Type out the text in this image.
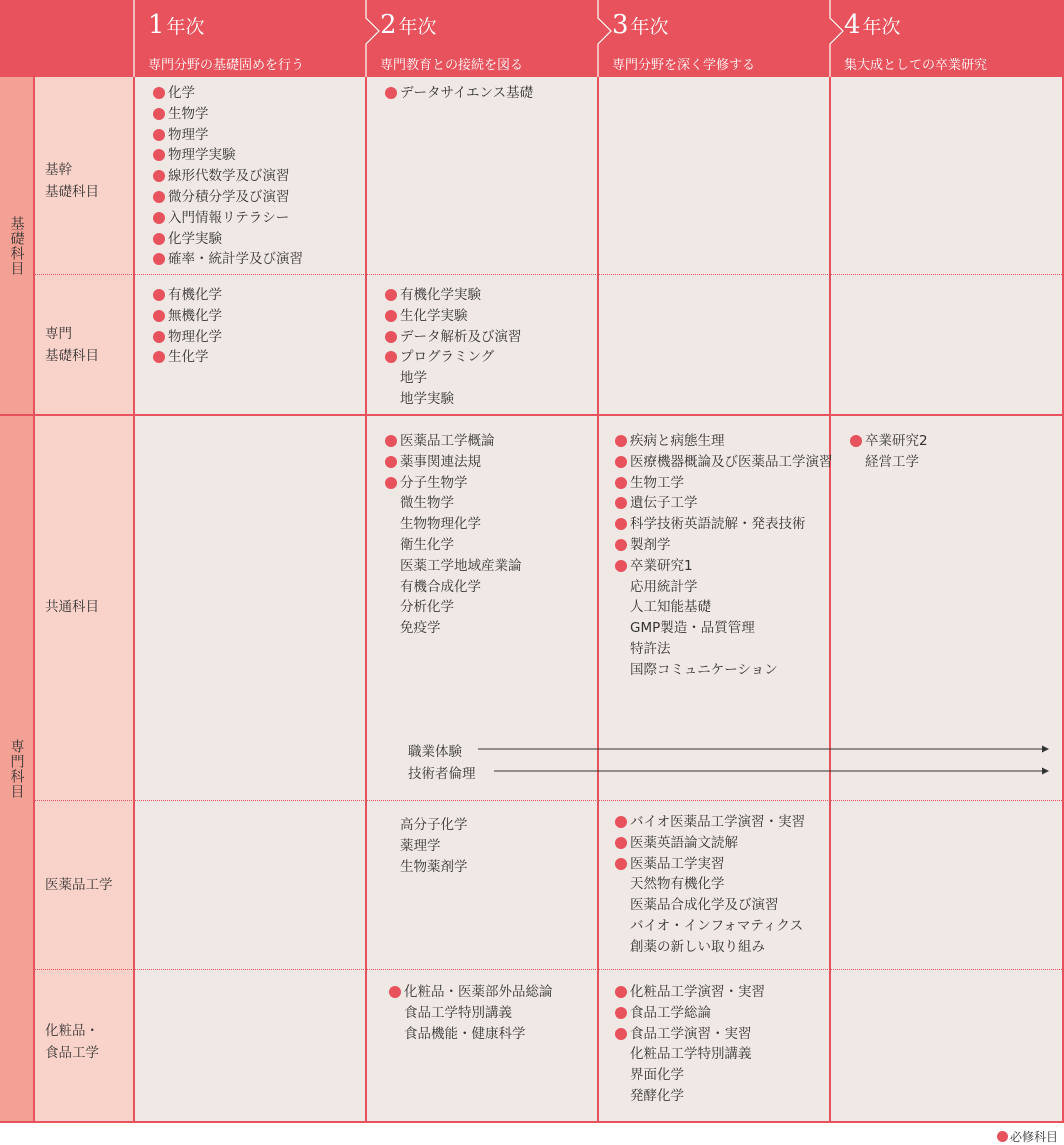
1 年次
専門分野の基礎固めを行う
2 年次
専門教育との接続を図る
3 年次
専門分野を深く学修する
4 年次
集大成としての卒業研究
基礎科目
専門科目
基幹
基礎科目
専門
基礎科目
共通科目
医薬品工学
化粧品・
食品工学
化学
生物学
物理学
物理学実験
線形代数学及び演習
微分積分学及び演習
入門情報リテラシー
化学実験
確率・統計学及び演習
データサイエンス基礎
有機化学
無機化学
物理化学
生化学
有機化学実験
生化学実験
データ解析及び演習
プログラミング
地学
地学実験
医薬品工学概論
薬事関連法規
分子生物学
微生物学
生物物理化学
衛生化学
医薬工学地域産業論
有機合成化学
分析化学
免疫学
疾病と病態生理
医療機器概論及び医薬品工学演習
生物工学
遺伝子工学
科学技術英語読解・発表技術
製剤学
卒業研究1
応用統計学
人工知能基礎
GMP製造・品質管理
特許法
国際コミュニケーション
卒業研究2
経営工学
高分子化学
薬理学
生物薬剤学
バイオ医薬品工学演習・実習
医薬英語論文読解
医薬品工学実習
天然物有機化学
医薬品合成化学及び演習
バイオ・インフォマティクス
創薬の新しい取り組み
化粧品・医薬部外品総論
食品工学特別講義
食品機能・健康科学
化粧品工学演習・実習
食品工学総論
食品工学演習・実習
化粧品工学特別講義
界面化学
発酵化学
職業体験
技術者倫理
必修科目
